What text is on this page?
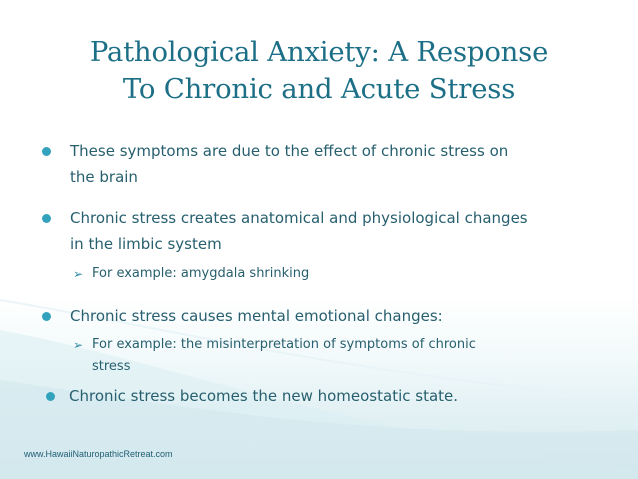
Pathological Anxiety: A Response
To Chronic and Acute Stress

These symptoms are due to the effect of chronic stress on

the brain

Chronic stress creates anatomical and physiological changes

in the limbic system

➢ For example: amygdala shrinking

Chronic stress causes mental emotional changes:

➢ For example: the misinterpretation of symptoms of chronic

stress

Chronic stress becomes the new homeostatic state.

www.HawaiiNaturopathicRetreat.com
